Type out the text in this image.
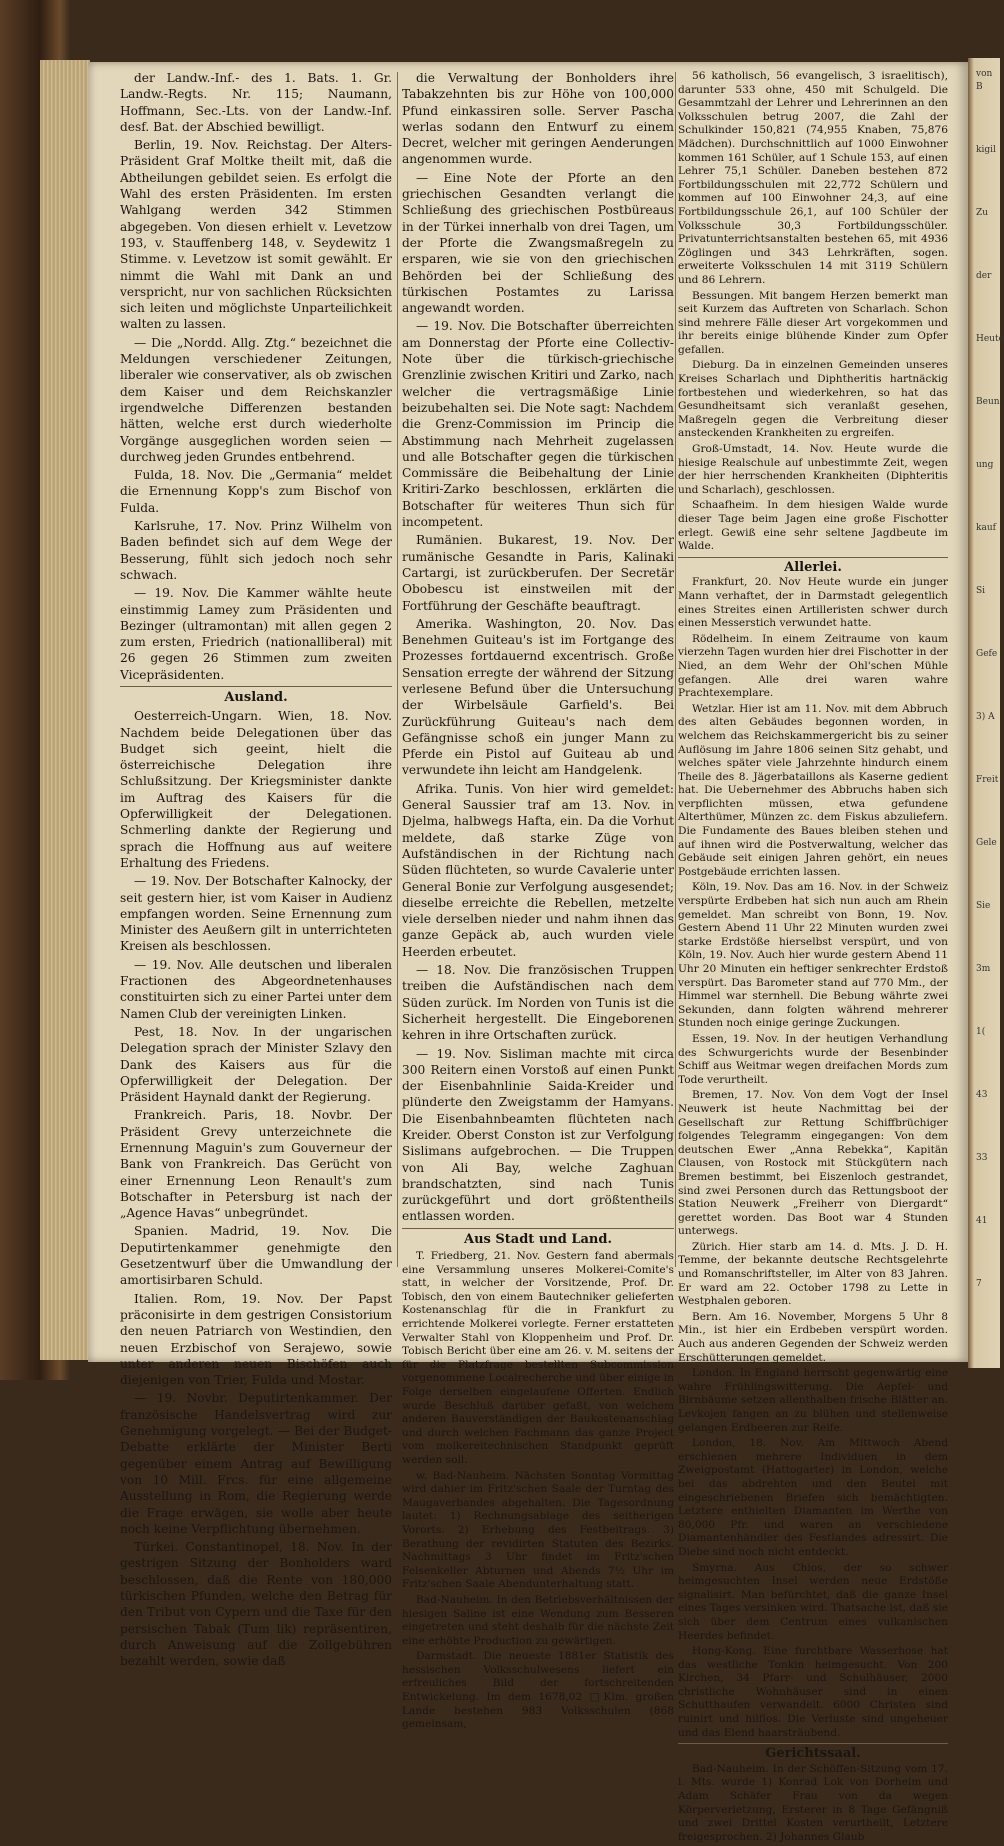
von B
kigil
Zu
der
Heute
Beun
ung
kauf
Si
Gefe
3) A
Freit
Gele
Sie
3m
1(
43
33
41
7

der Landw.-Inf.- des 1. Bats. 1. Gr. Landw.-Regts. Nr. 115; Naumann, Hoffmann, Sec.-Lts. von der Landw.-Inf. desf. Bat. der Abschied bewilligt.

Berlin, 19. Nov. Reichstag. Der Alters-Präsident Graf Moltke theilt mit, daß die Abtheilungen gebildet seien. Es erfolgt die Wahl des ersten Präsidenten. Im ersten Wahlgang werden 342 Stimmen abgegeben. Von diesen erhielt v. Levetzow 193, v. Stauffenberg 148, v. Seydewitz 1 Stimme. v. Levetzow ist somit gewählt. Er nimmt die Wahl mit Dank an und verspricht, nur von sachlichen Rücksichten sich leiten und möglichste Unparteilichkeit walten zu lassen.

— Die „Nordd. Allg. Ztg.“ bezeichnet die Meldungen verschiedener Zeitungen, liberaler wie conservativer, als ob zwischen dem Kaiser und dem Reichskanzler irgendwelche Differenzen bestanden hätten, welche erst durch wiederholte Vorgänge ausgeglichen worden seien — durchweg jeden Grundes entbehrend.

Fulda, 18. Nov. Die „Germania“ meldet die Ernennung Kopp's zum Bischof von Fulda.

Karlsruhe, 17. Nov. Prinz Wilhelm von Baden befindet sich auf dem Wege der Besserung, fühlt sich jedoch noch sehr schwach.

— 19. Nov. Die Kammer wählte heute einstimmig Lamey zum Präsidenten und Bezinger (ultramontan) mit allen gegen 2 zum ersten, Friedrich (nationalliberal) mit 26 gegen 26 Stimmen zum zweiten Vicepräsidenten.

Ausland.

Oesterreich-Ungarn. Wien, 18. Nov. Nachdem beide Delegationen über das Budget sich geeint, hielt die österreichische Delegation ihre Schlußsitzung. Der Kriegsminister dankte im Auftrag des Kaisers für die Opferwilligkeit der Delegationen. Schmerling dankte der Regierung und sprach die Hoffnung aus auf weitere Erhaltung des Friedens.

— 19. Nov. Der Botschafter Kalnocky, der seit gestern hier, ist vom Kaiser in Audienz empfangen worden. Seine Ernennung zum Minister des Aeußern gilt in unterrichteten Kreisen als beschlossen.

— 19. Nov. Alle deutschen und liberalen Fractionen des Abgeordnetenhauses constituirten sich zu einer Partei unter dem Namen Club der vereinigten Linken.

Pest, 18. Nov. In der ungarischen Delegation sprach der Minister Szlavy den Dank des Kaisers aus für die Opferwilligkeit der Delegation. Der Präsident Haynald dankt der Regierung.

Frankreich. Paris, 18. Novbr. Der Präsident Grevy unterzeichnete die Ernennung Maguin's zum Gouverneur der Bank von Frankreich. Das Gerücht von einer Ernennung Leon Renault's zum Botschafter in Petersburg ist nach der „Agence Havas“ unbegründet.

Spanien. Madrid, 19. Nov. Die Deputirtenkammer genehmigte den Gesetzentwurf über die Umwandlung der amortisirbaren Schuld.

Italien. Rom, 19. Nov. Der Papst präconisirte in dem gestrigen Consistorium den neuen Patriarch von Westindien, den neuen Erzbischof von Serajewo, sowie unter anderen neuen Bischöfen auch diejenigen von Trier, Fulda und Mostar.

— 19. Novbr. Deputirtenkammer. Der französische Handelsvertrag wird zur Genehmigung vorgelegt. — Bei der Budget-Debatte erklärte der Minister Berti gegenüber einem Antrag auf Bewilligung von 10 Mill. Frcs. für eine allgemeine Ausstellung in Rom, die Regierung werde die Frage erwägen, sie wolle aber heute noch keine Verpflichtung übernehmen.

Türkei. Constantinopel, 18. Nov. In der gestrigen Sitzung der Bonholders ward beschlossen, daß die Rente von 180,000 türkischen Pfunden, welche den Betrag für den Tribut von Cypern und die Taxe für den persischen Tabak (Tum lik) repräsentiren, durch Anweisung auf die Zollgebühren bezahlt werden, sowie daß

die Verwaltung der Bonholders ihre Tabakzehnten bis zur Höhe von 100,000 Pfund einkassiren solle. Server Pascha werlas sodann den Entwurf zu einem Decret, welcher mit geringen Aenderungen angenommen wurde.

— Eine Note der Pforte an den griechischen Gesandten verlangt die Schließung des griechischen Postbüreaus in der Türkei innerhalb von drei Tagen, um der Pforte die Zwangsmaßregeln zu ersparen, wie sie von den griechischen Behörden bei der Schließung des türkischen Postamtes zu Larissa angewandt worden.

— 19. Nov. Die Botschafter überreichten am Donnerstag der Pforte eine Collectiv-Note über die türkisch-griechische Grenzlinie zwischen Kritiri und Zarko, nach welcher die vertragsmäßige Linie beizubehalten sei. Die Note sagt: Nachdem die Grenz-Commission im Princip die Abstimmung nach Mehrheit zugelassen und alle Botschafter gegen die türkischen Commissäre die Beibehaltung der Linie Kritiri-Zarko beschlossen, erklärten die Botschafter für weiteres Thun sich für incompetent.

Rumänien. Bukarest, 19. Nov. Der rumänische Gesandte in Paris, Kalinaki Cartargi, ist zurückberufen. Der Secretär Obobescu ist einstweilen mit der Fortführung der Geschäfte beauftragt.

Amerika. Washington, 20. Nov. Das Benehmen Guiteau's ist im Fortgange des Prozesses fortdauernd excentrisch. Große Sensation erregte der während der Sitzung verlesene Befund über die Untersuchung der Wirbelsäule Garfield's. Bei Zurückführung Guiteau's nach dem Gefängnisse schoß ein junger Mann zu Pferde ein Pistol auf Guiteau ab und verwundete ihn leicht am Handgelenk.

Afrika. Tunis. Von hier wird gemeldet: General Saussier traf am 13. Nov. in Djelma, halbwegs Hafta, ein. Da die Vorhut meldete, daß starke Züge von Aufständischen in der Richtung nach Süden flüchteten, so wurde Cavalerie unter General Bonie zur Verfolgung ausgesendet; dieselbe erreichte die Rebellen, metzelte viele derselben nieder und nahm ihnen das ganze Gepäck ab, auch wurden viele Heerden erbeutet.

— 18. Nov. Die französischen Truppen treiben die Aufständischen nach dem Süden zurück. Im Norden von Tunis ist die Sicherheit hergestellt. Die Eingeborenen kehren in ihre Ortschaften zurück.

— 19. Nov. Sisliman machte mit circa 300 Reitern einen Vorstoß auf einen Punkt der Eisenbahnlinie Saida-Kreider und plünderte den Zweigstamm der Hamyans. Die Eisenbahnbeamten flüchteten nach Kreider. Oberst Conston ist zur Verfolgung Sislimans aufgebrochen. — Die Truppen von Ali Bay, welche Zaghuan brandschatzten, sind nach Tunis zurückgeführt und dort größtentheils entlassen worden.

Aus Stadt und Land.

T. Friedberg, 21. Nov. Gestern fand abermals eine Versammlung unseres Molkerei-Comite's statt, in welcher der Vorsitzende, Prof. Dr. Tobisch, den von einem Bautechniker gelieferten Kostenanschlag für die in Frankfurt zu errichtende Molkerei vorlegte. Ferner erstatteten Verwalter Stahl von Kloppenheim und Prof. Dr. Tobisch Bericht über eine am 26. v. M. seitens der für die Platzfrage bestellten Subcommission vorgenommene Localrecherche und über einige in Folge derselben eingelaufene Offerten. Endlich wurde Beschluß darüber gefaßt, von welchem anderen Bauverständigen der Baukostenanschlag und durch welchen Fachmann das ganze Project vom molkereitechnischen Standpunkt geprüft werden soll.

w. Bad-Nauheim. Nächsten Sonntag Vormittag wird dahier im Fritz'schen Saale der Turntag des Maugaverbandes abgehalten. Die Tagesordnung lautet: 1) Rechnungsablage des seitherigen Vororts. 2) Erhebung des Festbeitrags. 3) Berathung der revidirten Statuten des Bezirks. Nachmittags 3 Uhr findet im Fritz'schen Felsenkeller Abturnen und Abends 7½ Uhr im Fritz'schen Saale Abendunterhaltung statt.

Bad-Nauheim. In den Betriebsverhältnissen der hiesigen Saline ist eine Wendung zum Besseren eingetreten und steht deshalb für die nächste Zeit eine erhöhte Production zu gewärtigen.

Darmstadt. Die neueste 1881er Statistik des hessischen Volksschulwesens liefert ein erfreuliches Bild der fortschreitenden Entwickelung. Im dem 1678,02 □Klm. großen Lande bestehen 983 Volksschulen (868 gemeinsam,

56 katholisch, 56 evangelisch, 3 israelitisch), darunter 533 ohne, 450 mit Schulgeld. Die Gesammtzahl der Lehrer und Lehrerinnen an den Volksschulen betrug 2007, die Zahl der Schulkinder 150,821 (74,955 Knaben, 75,876 Mädchen). Durchschnittlich auf 1000 Einwohner kommen 161 Schüler, auf 1 Schule 153, auf einen Lehrer 75,1 Schüler. Daneben bestehen 872 Fortbildungsschulen mit 22,772 Schülern und kommen auf 100 Einwohner 24,3, auf eine Fortbildungsschule 26,1, auf 100 Schüler der Volksschule 30,3 Fortbildungsschüler. Privatunterrichtsanstalten bestehen 65, mit 4936 Zöglingen und 343 Lehrkräften, sogen. erweiterte Volksschulen 14 mit 3119 Schülern und 86 Lehrern.

Bessungen. Mit bangem Herzen bemerkt man seit Kurzem das Auftreten von Scharlach. Schon sind mehrere Fälle dieser Art vorgekommen und ihr bereits einige blühende Kinder zum Opfer gefallen.

Dieburg. Da in einzelnen Gemeinden unseres Kreises Scharlach und Diphtheritis hartnäckig fortbestehen und wiederkehren, so hat das Gesundheitsamt sich veranlaßt gesehen, Maßregeln gegen die Verbreitung dieser ansteckenden Krankheiten zu ergreifen.

Groß-Umstadt, 14. Nov. Heute wurde die hiesige Realschule auf unbestimmte Zeit, wegen der hier herrschenden Krankheiten (Diphteritis und Scharlach), geschlossen.

Schaafheim. In dem hiesigen Walde wurde dieser Tage beim Jagen eine große Fischotter erlegt. Gewiß eine sehr seltene Jagdbeute im Walde.

Allerlei.

Frankfurt, 20. Nov Heute wurde ein junger Mann verhaftet, der in Darmstadt gelegentlich eines Streites einen Artilleristen schwer durch einen Messerstich verwundet hatte.

Rödelheim. In einem Zeitraume von kaum vierzehn Tagen wurden hier drei Fischotter in der Nied, an dem Wehr der Ohl'schen Mühle gefangen. Alle drei waren wahre Prachtexemplare.

Wetzlar. Hier ist am 11. Nov. mit dem Abbruch des alten Gebäudes begonnen worden, in welchem das Reichskammergericht bis zu seiner Auflösung im Jahre 1806 seinen Sitz gehabt, und welches später viele Jahrzehnte hindurch einem Theile des 8. Jägerbataillons als Kaserne gedient hat. Die Uebernehmer des Abbruchs haben sich verpflichten müssen, etwa gefundene Alterthümer, Münzen zc. dem Fiskus abzuliefern. Die Fundamente des Baues bleiben stehen und auf ihnen wird die Postverwaltung, welcher das Gebäude seit einigen Jahren gehört, ein neues Postgebäude errichten lassen.

Köln, 19. Nov. Das am 16. Nov. in der Schweiz verspürte Erdbeben hat sich nun auch am Rhein gemeldet. Man schreibt von Bonn, 19. Nov. Gestern Abend 11 Uhr 22 Minuten wurden zwei starke Erdstöße hierselbst verspürt, und von Köln, 19. Nov. Auch hier wurde gestern Abend 11 Uhr 20 Minuten ein heftiger senkrechter Erdstoß verspürt. Das Barometer stand auf 770 Mm., der Himmel war sternhell. Die Bebung währte zwei Sekunden, dann folgten während mehrerer Stunden noch einige geringe Zuckungen.

Essen, 19. Nov. In der heutigen Verhandlung des Schwurgerichts wurde der Besenbinder Schiff aus Weitmar wegen dreifachen Mords zum Tode verurtheilt.

Bremen, 17. Nov. Von dem Vogt der Insel Neuwerk ist heute Nachmittag bei der Gesellschaft zur Rettung Schiffbrüchiger folgendes Telegramm eingegangen: Von dem deutschen Ewer „Anna Rebekka“, Kapitän Clausen, von Rostock mit Stückgütern nach Bremen bestimmt, bei Eiszenloch gestrandet, sind zwei Personen durch das Rettungsboot der Station Neuwerk „Freiherr von Diergardt“ gerettet worden. Das Boot war 4 Stunden unterwegs.

Zürich. Hier starb am 14. d. Mts. J. D. H. Temme, der bekannte deutsche Rechtsgelehrte und Romanschriftsteller, im Alter von 83 Jahren. Er ward am 22. October 1798 zu Lette in Westphalen geboren.

Bern. Am 16. November, Morgens 5 Uhr 8 Min., ist hier ein Erdbeben verspürt worden. Auch aus anderen Gegenden der Schweiz werden Erschütterungen gemeldet.

London. In England herrscht gegenwärtig eine wahre Frühlingswitterung. Die Aepfel- und Birnbäume setzen allenthalben frische Blätter an. Levkojen fangen an zu blühen und stellenweise gelangen Erdbeeren zur Reife.

London, 18. Nov. Am Mittwoch Abend erschienen mehrere Individuen in dem Zweigpostamt (Hattogarter) in London, welche bei das abdrehten und den Beutel mit eingeschriebenen Briefen sich bemächtigten. Letztere enthielten Diamanten im Werthe von 80,000 Pfr. und waren an verschiedene Diamantenhändler des Festlandes adressirt. Die Diebe sind noch nicht entdeckt.

Smyrna. Aus Chios, der so schwer heimgesuchten Insel werden neue Erdstöße signalisirt. Man befürchtet, daß die ganze Insel eines Tages versinken wird. Thatsache ist, daß sie sich über dem Centrum eines vulkanischen Heerdes befindet.

Hong-Kong. Eine furchtbare Wasserhose hat das westliche Tonkin heimgesucht. Von 200 Kirchen, 34 Pfarr- und Schulhäuser, 2000 christliche Wohnhäuser sind in einen Schutthaufen verwandelt. 6000 Christen sind ruinirt und hilflos. Die Verluste sind ungeheuer und das Elend haarsträubend.

Gerichtssaal.

Bad-Nauheim. In der Schöffen-Sitzung vom 17. l. Mts. wurde 1) Konrad Lok von Dorheim und Adam Schäfer Frau von da wegen Körperverletzung, Ersterer in 8 Tage Gefängniß und zwei Drittel Kosten verurtheilt, Letztere freigesprochen. 2) Johannes Glaub
